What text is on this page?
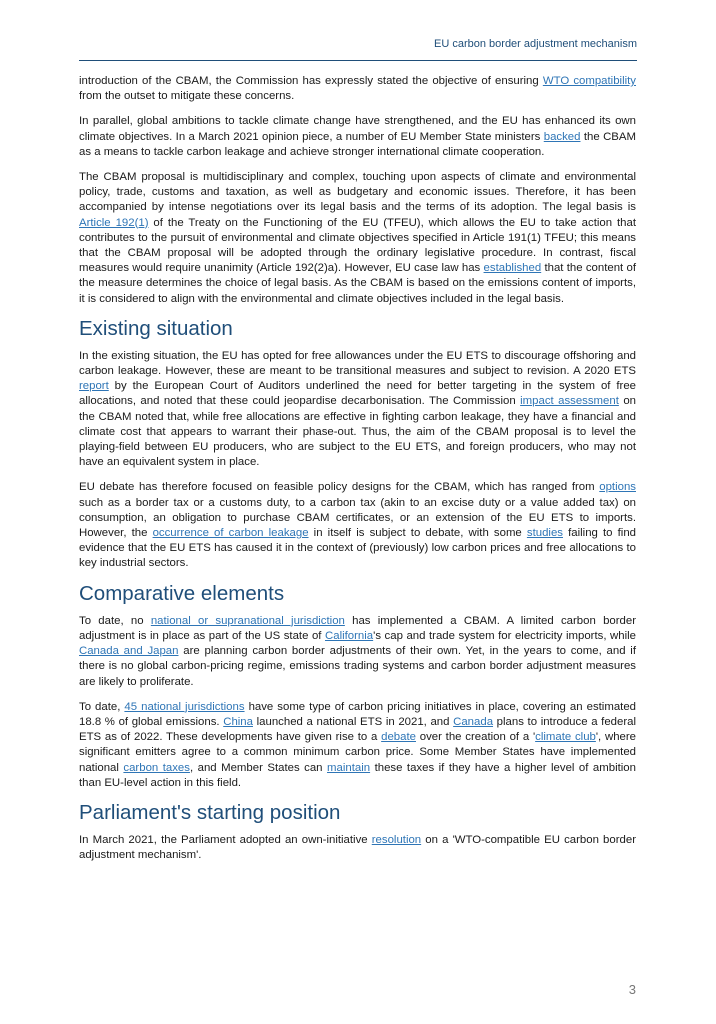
EU carbon border adjustment mechanism

introduction of the CBAM, the Commission has expressly stated the objective of ensuring WTO compatibility from the outset to mitigate these concerns.

In parallel, global ambitions to tackle climate change have strengthened, and the EU has enhanced its own climate objectives. In a March 2021 opinion piece, a number of EU Member State ministers backed the CBAM as a means to tackle carbon leakage and achieve stronger international climate cooperation.

The CBAM proposal is multidisciplinary and complex, touching upon aspects of climate and environmental policy, trade, customs and taxation, as well as budgetary and economic issues. Therefore, it has been accompanied by intense negotiations over its legal basis and the terms of its adoption. The legal basis is Article 192(1) of the Treaty on the Functioning of the EU (TFEU), which allows the EU to take action that contributes to the pursuit of environmental and climate objectives specified in Article 191(1) TFEU; this means that the CBAM proposal will be adopted through the ordinary legislative procedure. In contrast, fiscal measures would require unanimity (Article 192(2)a). However, EU case law has established that the content of the measure determines the choice of legal basis. As the CBAM is based on the emissions content of imports, it is considered to align with the environmental and climate objectives included in the legal basis.

Existing situation

In the existing situation, the EU has opted for free allowances under the EU ETS to discourage offshoring and carbon leakage. However, these are meant to be transitional measures and subject to revision. A 2020 ETS report by the European Court of Auditors underlined the need for better targeting in the system of free allocations, and noted that these could jeopardise decarbonisation. The Commission impact assessment on the CBAM noted that, while free allocations are effective in fighting carbon leakage, they have a financial and climate cost that appears to warrant their phase-out. Thus, the aim of the CBAM proposal is to level the playing-field between EU producers, who are subject to the EU ETS, and foreign producers, who may not have an equivalent system in place.

EU debate has therefore focused on feasible policy designs for the CBAM, which has ranged from options such as a border tax or a customs duty, to a carbon tax (akin to an excise duty or a value added tax) on consumption, an obligation to purchase CBAM certificates, or an extension of the EU ETS to imports. However, the occurrence of carbon leakage in itself is subject to debate, with some studies failing to find evidence that the EU ETS has caused it in the context of (previously) low carbon prices and free allocations to key industrial sectors.

Comparative elements

To date, no national or supranational jurisdiction has implemented a CBAM. A limited carbon border adjustment is in place as part of the US state of California's cap and trade system for electricity imports, while Canada and Japan are planning carbon border adjustments of their own. Yet, in the years to come, and if there is no global carbon-pricing regime, emissions trading systems and carbon border adjustment measures are likely to proliferate.

To date, 45 national jurisdictions have some type of carbon pricing initiatives in place, covering an estimated 18.8 % of global emissions. China launched a national ETS in 2021, and Canada plans to introduce a federal ETS as of 2022. These developments have given rise to a debate over the creation of a 'climate club', where significant emitters agree to a common minimum carbon price. Some Member States have implemented national carbon taxes, and Member States can maintain these taxes if they have a higher level of ambition than EU-level action in this field.

Parliament's starting position

In March 2021, the Parliament adopted an own-initiative resolution on a 'WTO-compatible EU carbon border adjustment mechanism'.

3
